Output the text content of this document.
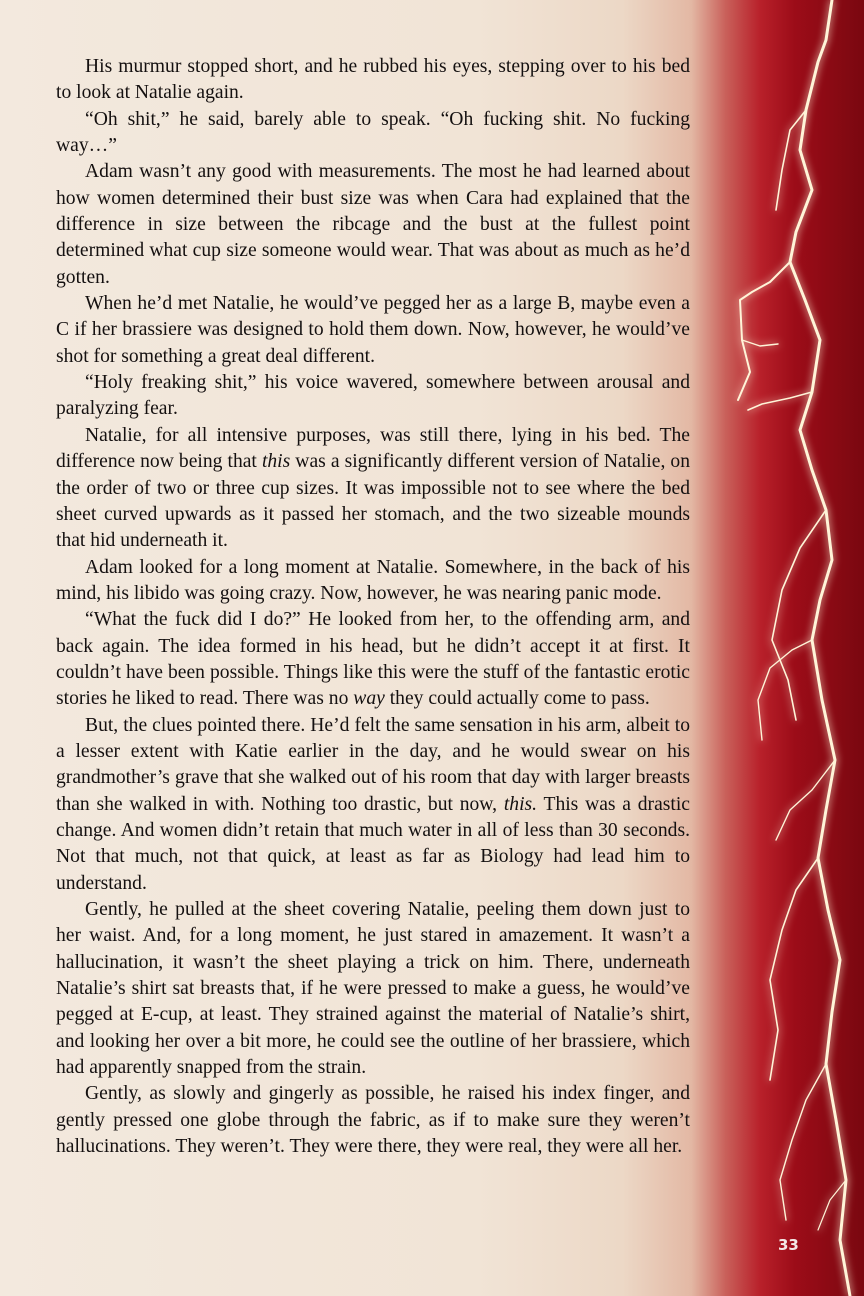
His murmur stopped short, and he rubbed his eyes, stepping over to his bed to look at Natalie again.

“Oh shit,” he said, barely able to speak. “Oh fucking shit. No fucking way…”

Adam wasn’t any good with measurements. The most he had learned about how women determined their bust size was when Cara had explained that the difference in size between the ribcage and the bust at the fullest point determined what cup size someone would wear. That was about as much as he’d gotten.

When he’d met Natalie, he would’ve pegged her as a large B, maybe even a C if her brassiere was designed to hold them down. Now, however, he would’ve shot for something a great deal different.

“Holy freaking shit,” his voice wavered, somewhere between arousal and paralyzing fear.

Natalie, for all intensive purposes, was still there, lying in his bed. The difference now being that this was a significantly different version of Natalie, on the order of two or three cup sizes. It was impossible not to see where the bed sheet curved upwards as it passed her stomach, and the two sizeable mounds that hid underneath it.

Adam looked for a long moment at Natalie. Somewhere, in the back of his mind, his libido was going crazy. Now, however, he was nearing panic mode.

“What the fuck did I do?” He looked from her, to the offending arm, and back again. The idea formed in his head, but he didn’t accept it at first. It couldn’t have been possible. Things like this were the stuff of the fantastic erotic stories he liked to read. There was no way they could actually come to pass.

But, the clues pointed there. He’d felt the same sensation in his arm, albeit to a lesser extent with Katie earlier in the day, and he would swear on his grandmother’s grave that she walked out of his room that day with larger breasts than she walked in with. Nothing too drastic, but now, this. This was a drastic change. And women didn’t retain that much water in all of less than 30 seconds. Not that much, not that quick, at least as far as Biology had lead him to understand.

Gently, he pulled at the sheet covering Natalie, peeling them down just to her waist. And, for a long moment, he just stared in amazement. It wasn’t a hallucination, it wasn’t the sheet playing a trick on him. There, underneath Natalie’s shirt sat breasts that, if he were pressed to make a guess, he would’ve pegged at E-cup, at least. They strained against the material of Natalie’s shirt, and looking her over a bit more, he could see the outline of her brassiere, which had apparently snapped from the strain.

Gently, as slowly and gingerly as possible, he raised his index finger, and gently pressed one globe through the fabric, as if to make sure they weren’t hallucinations. They weren’t. They were there, they were real, they were all her.

33
